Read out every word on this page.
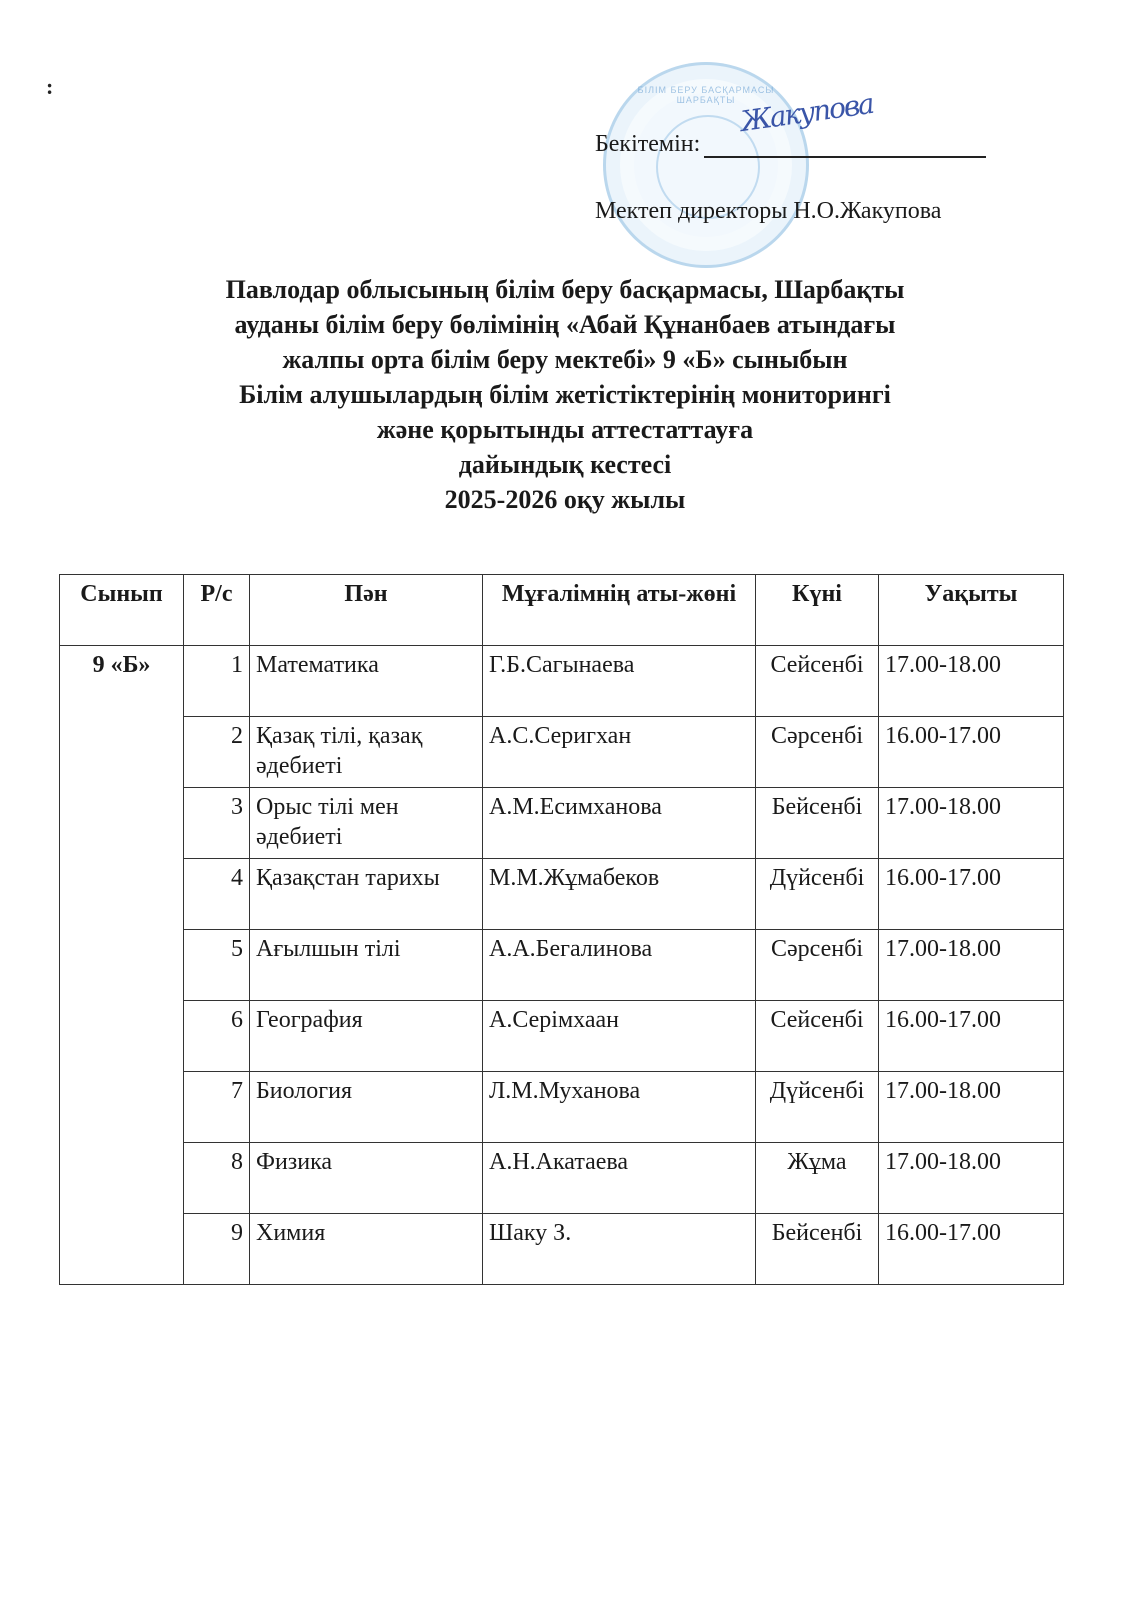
:	БІЛІМ БЕРУ БАСҚАРМАСЫ ШАРБАҚТЫ
Бекітемін:
Жакупова
Мектеп директоры Н.О.Жакупова
Павлодар облысының білім беру басқармасы, Шарбақты
ауданы білім беру бөлімінің «Абай Құнанбаев атындағы
жалпы орта білім беру мектебі» 9 «Б» сыныбын
Білім алушылардың білім жетістіктерінің мониторингі
және қорытынды аттестаттауға
дайындық кестесі
2025-2026 оқу жылы
Сынып	Р/с	Пән	Мұғалімнің аты-жөні	Күні	Уақыты
9 «Б»	1	Математика	Г.Б.Сагынаева	Сейсенбі	17.00-18.00
	2	Қазақ тілі, қазақ әдебиеті	А.С.Серигхан	Сәрсенбі	16.00-17.00
	3	Орыс тілі мен әдебиеті	А.М.Есимханова	Бейсенбі	17.00-18.00
	4	Қазақстан тарихы	М.М.Жұмабеков	Дүйсенбі	16.00-17.00
	5	Ағылшын тілі	А.А.Бегалинова	Сәрсенбі	17.00-18.00
	6	География	А.Серімхаан	Сейсенбі	16.00-17.00
	7	Биология	Л.М.Муханова	Дүйсенбі	17.00-18.00
	8	Физика	А.Н.Акатаева	Жұма	17.00-18.00
	9	Химия	Шаку З.	Бейсенбі	16.00-17.00
